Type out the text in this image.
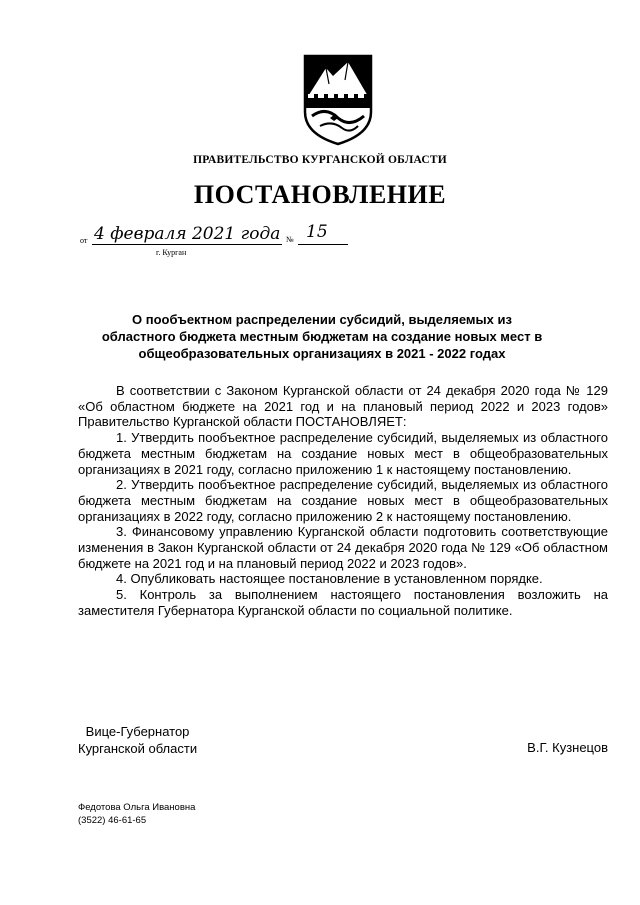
ПРАВИТЕЛЬСТВО КУРГАНСКОЙ ОБЛАСТИ
ПОСТАНОВЛЕНИЕ
от 4 февраля 2021 года № 15
г. Курган
О пообъектном распределении субсидий, выделяемых из областного бюджета местным бюджетам на создание новых мест в общеобразовательных организациях в 2021 - 2022 годах

В соответствии с Законом Курганской области от 24 декабря 2020 года № 129 «Об областном бюджете на 2021 год и на плановый период 2022 и 2023 годов» Правительство Курганской области ПОСТАНОВЛЯЕТ:

1. Утвердить пообъектное распределение субсидий, выделяемых из областного бюджета местным бюджетам на создание новых мест в общеобразовательных организациях в 2021 году, согласно приложению 1 к настоящему постановлению.

2. Утвердить пообъектное распределение субсидий, выделяемых из областного бюджета местным бюджетам на создание новых мест в общеобразовательных организациях в 2022 году, согласно приложению 2 к настоящему постановлению.

3. Финансовому управлению Курганской области подготовить соответствующие изменения в Закон Курганской области от 24 декабря 2020 года № 129 «Об областном бюджете на 2021 год и на плановый период 2022 и 2023 годов».

4. Опубликовать настоящее постановление в установленном порядке.

5. Контроль за выполнением настоящего постановления возложить на заместителя Губернатора Курганской области по социальной политике.

Вице-Губернатор
Курганской области	В.Г. Кузнецов
Федотова Ольга Ивановна
(3522) 46-61-65
